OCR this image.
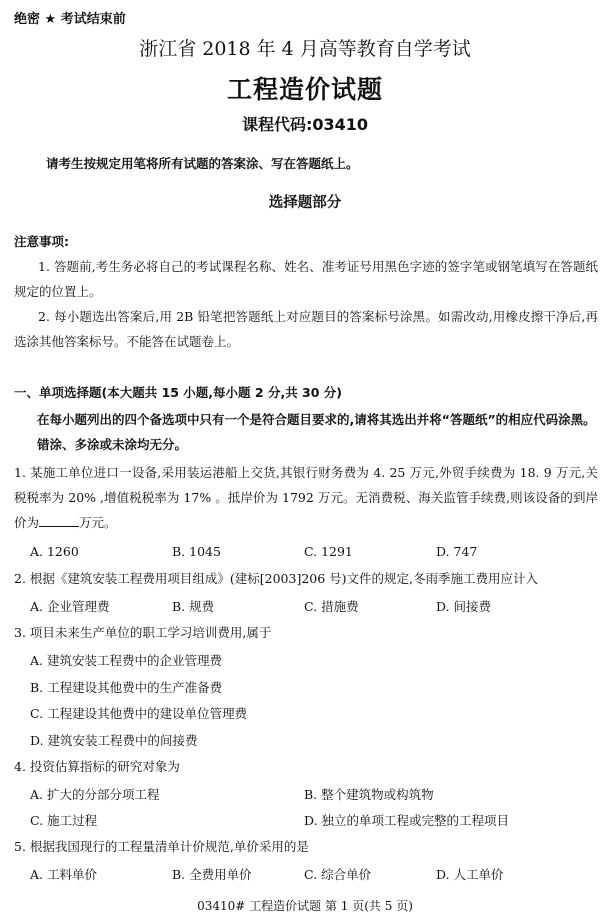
绝密 ★ 考试结束前
浙江省 2018 年 4 月高等教育自学考试
工程造价试题
课程代码:03410
请考生按规定用笔将所有试题的答案涂、写在答题纸上。
选择题部分
注意事项:
1. 答题前,考生务必将自己的考试课程名称、姓名、准考证号用黑色字迹的签字笔或钢笔填写在答题纸规定的位置上。
2. 每小题选出答案后,用 2B 铅笔把答题纸上对应题目的答案标号涂黑。如需改动,用橡皮擦干净后,再选涂其他答案标号。不能答在试题卷上。
一、单项选择题(本大题共 15 小题,每小题 2 分,共 30 分)
在每小题列出的四个备选项中只有一个是符合题目要求的,请将其选出并将“答题纸”的相应代码涂黑。错涂、多涂或未涂均无分。
1. 某施工单位进口一设备,采用装运港船上交货,其银行财务费为 4. 25 万元,外贸手续费为 18. 9 万元,关税税率为 20% ,增值税税率为 17% 。抵岸价为 1792 万元。无消费税、海关监管手续费,则该设备的到岸价为	万元。
A. 1260	B. 1045	C. 1291	D. 747
2. 根据《建筑安装工程费用项目组成》(建标[2003]206 号)文件的规定,冬雨季施工费用应计入
A. 企业管理费	B. 规费	C. 措施费	D. 间接费
3. 项目未来生产单位的职工学习培训费用,属于
A. 建筑安装工程费中的企业管理费
B. 工程建设其他费中的生产准备费
C. 工程建设其他费中的建设单位管理费
D. 建筑安装工程费中的间接费
4. 投资估算指标的研究对象为
A. 扩大的分部分项工程	B. 整个建筑物或构筑物
C. 施工过程	D. 独立的单项工程或完整的工程项目
5. 根据我国现行的工程量清单计价规范,单价采用的是
A. 工料单价	B. 全费用单价	C. 综合单价	D. 人工单价
03410# 工程造价试题 第 1 页(共 5 页)
